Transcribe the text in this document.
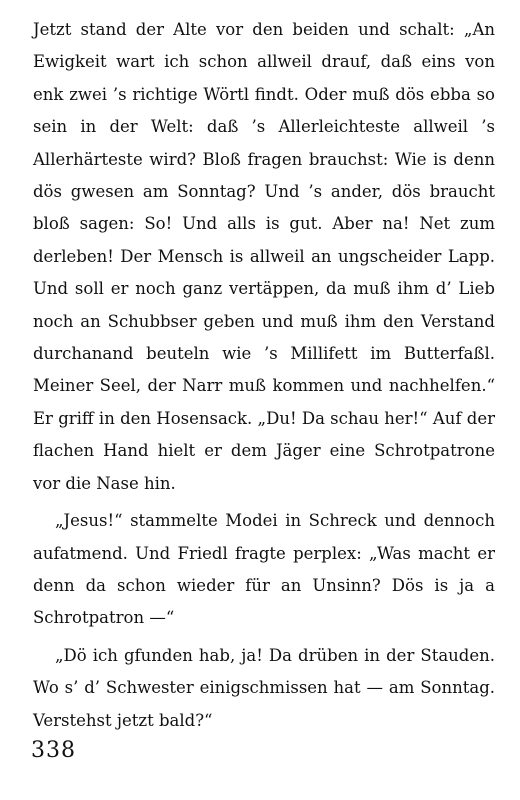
Jetzt stand der Alte vor den beiden und schalt: „An Ewigkeit wart ich schon allweil drauf, daß eins von enk zwei ’s richtige Wörtl findt. Oder muß dös ebba so sein in der Welt: daß ’s Allerleichteste allweil ’s Allerhärteste wird? Bloß fragen brauchst: Wie is denn dös gwesen am Sonntag? Und ’s ander, dös braucht bloß sagen: So! Und alls is gut. Aber na! Net zum derleben! Der Mensch is allweil an ungscheider Lapp. Und soll er noch ganz vertäppen, da muß ihm d’ Lieb noch an Schubbser geben und muß ihm den Verstand durchanand beuteln wie ’s Millifett im Butterfaßl. Meiner Seel, der Narr muß kommen und nachhelfen.“ Er griff in den Hosensack. „Du! Da schau her!“ Auf der flachen Hand hielt er dem Jäger eine Schrotpatrone vor die Nase hin.

„Jesus!“ stammelte Modei in Schreck und dennoch aufatmend. Und Friedl fragte perplex: „Was macht er denn da schon wieder für an Unsinn? Dös is ja a Schrotpatron —“

„Dö ich gfunden hab, ja! Da drüben in der Stauden. Wo s’ d’ Schwester einigschmissen hat — am Sonntag. Verstehst jetzt bald?“

338
